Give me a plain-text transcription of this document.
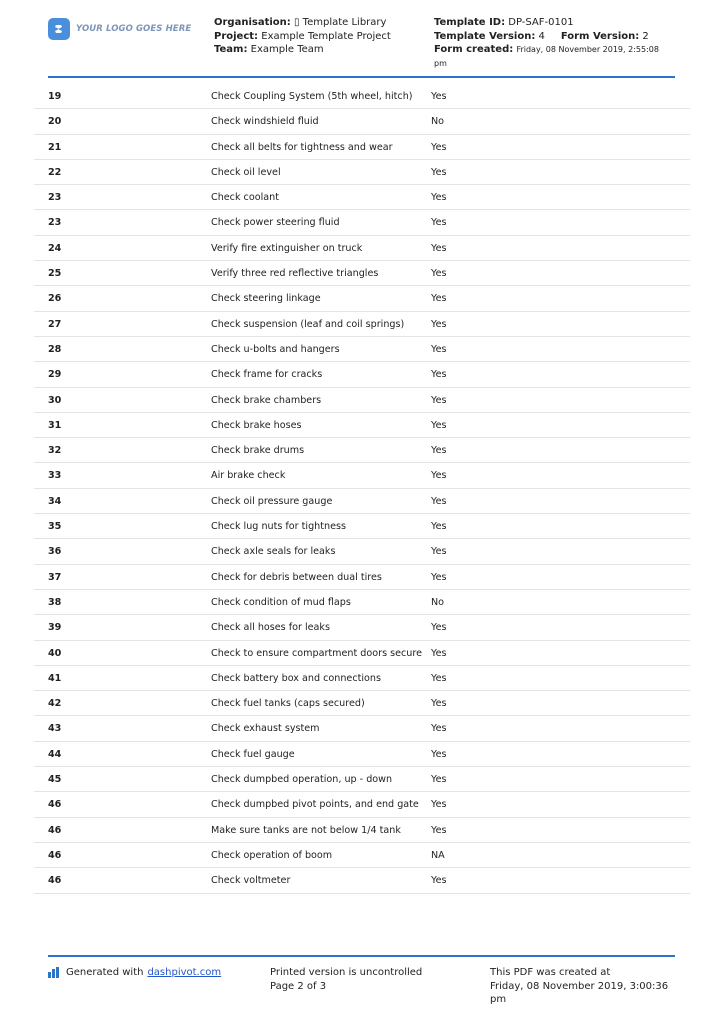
YOUR LOGO GOES HERE
Organisation: ▯ Template Library
Project: Example Template Project
Team: Example Team
Template ID: DP-SAF-0101
Template Version: 4 Form Version: 2
Form created: Friday, 08 November 2019, 2:55:08
pm
19	Check Coupling System (5th wheel, hitch)	Yes
20	Check windshield fluid	No
21	Check all belts for tightness and wear	Yes
22	Check oil level	Yes
23	Check coolant	Yes
23	Check power steering fluid	Yes
24	Verify fire extinguisher on truck	Yes
25	Verify three red reflective triangles	Yes
26	Check steering linkage	Yes
27	Check suspension (leaf and coil springs)	Yes
28	Check u-bolts and hangers	Yes
29	Check frame for cracks	Yes
30	Check brake chambers	Yes
31	Check brake hoses	Yes
32	Check brake drums	Yes
33	Air brake check	Yes
34	Check oil pressure gauge	Yes
35	Check lug nuts for tightness	Yes
36	Check axle seals for leaks	Yes
37	Check for debris between dual tires	Yes
38	Check condition of mud flaps	No
39	Check all hoses for leaks	Yes
40	Check to ensure compartment doors secure Yes
41	Check battery box and connections	Yes
42	Check fuel tanks (caps secured)	Yes
43	Check exhaust system	Yes
44	Check fuel gauge	Yes
45	Check dumpbed operation, up - down	Yes
46	Check dumpbed pivot points, and end gate	Yes
46	Make sure tanks are not below 1/4 tank	Yes
46	Check operation of boom	NA
46	Check voltmeter	Yes
Generated with dashpivot.com	Printed version is uncontrolled
Page 2 of 3
This PDF was created at
Friday, 08 November 2019, 3:00:36
pm
